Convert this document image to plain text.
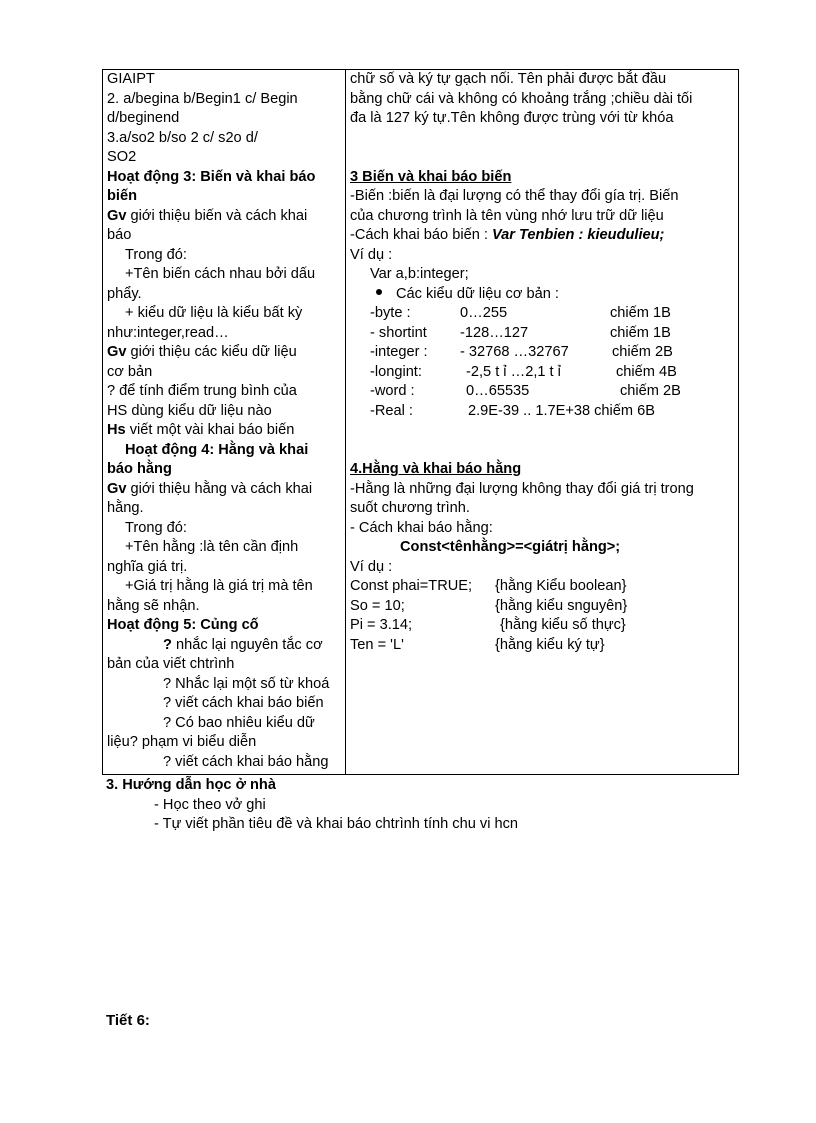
GIAIPT
2. a/begina b/Begin1 c/ Begin
d/beginend
3.a/so2 b/so 2 c/ s2o d/
SO2
Hoạt động 3: Biến và khai báo
biến
Gv giới thiệu biến và cách khai
báo
Trong đó:
+Tên biến cách nhau bởi dấu
phẩy.
+ kiểu dữ liệu là kiểu bất kỳ
như:integer,read…
Gv giới thiệu các kiểu dữ liệu
cơ bản
? để tính điểm trung bình của
HS dùng kiểu dữ liệu nào
Hs viết một vài khai báo biến
Hoạt động 4: Hằng và khai
báo hằng
Gv giới thiệu hằng và cách khai
hằng.
Trong đó:
+Tên hằng :là tên cần định
nghĩa giá trị.
+Giá trị hằng là giá trị mà tên
hằng sẽ nhận.
Hoạt động 5: Củng cố
? nhắc lại nguyên tắc cơ
bản của viết chtrình
? Nhắc lại một số từ khoá
? viết cách khai báo biến
? Có bao nhiêu kiểu dữ
liệu? phạm vi biểu diễn
? viết cách khai báo hằng

chữ số và ký tự gạch nối. Tên phải được bắt đầu
bằng chữ cái và không có khoảng trắng ;chiều dài tối
đa là 127 ký tự.Tên không được trùng với từ khóa
3 Biến và khai báo biến
-Biến :biến là đại lượng có thể thay đổi gía trị. Biến
của chương trình là tên vùng nhớ lưu trữ dữ liệu
-Cách khai báo biến : Var Tenbien : kieudulieu;
Ví dụ :
Var a,b:integer;
Các kiểu dữ liệu cơ bản :
-byte :	0…255	chiếm 1B
- shortint	-128…127	chiếm 1B
-integer :	- 32768 …32767	chiếm 2B
-longint:	-2,5 t ỉ …2,1 t ỉ	chiếm 4B
-word :	0…65535	chiếm 2B
-Real :	2.9E-39 .. 1.7E+38 chiếm 6B
4.Hằng và khai báo hằng
-Hằng là những đại lượng không thay đổi giá trị trong
suốt chương trình.
- Cách khai báo hằng:
Const<tênhằng>=<giátrị hằng>;
Ví dụ :
Const phai=TRUE;	{hằng Kiểu boolean}
So = 10;	{hằng kiểu snguyên}
Pi = 3.14;	{hằng kiểu số thực}
Ten = 'L'	{hằng kiểu ký tự}
3. Hướng dẫn học ở nhà
- Học theo vở ghi
- Tự viết phần tiêu đề và khai báo chtrình tính chu vi hcn
Tiết 6:
